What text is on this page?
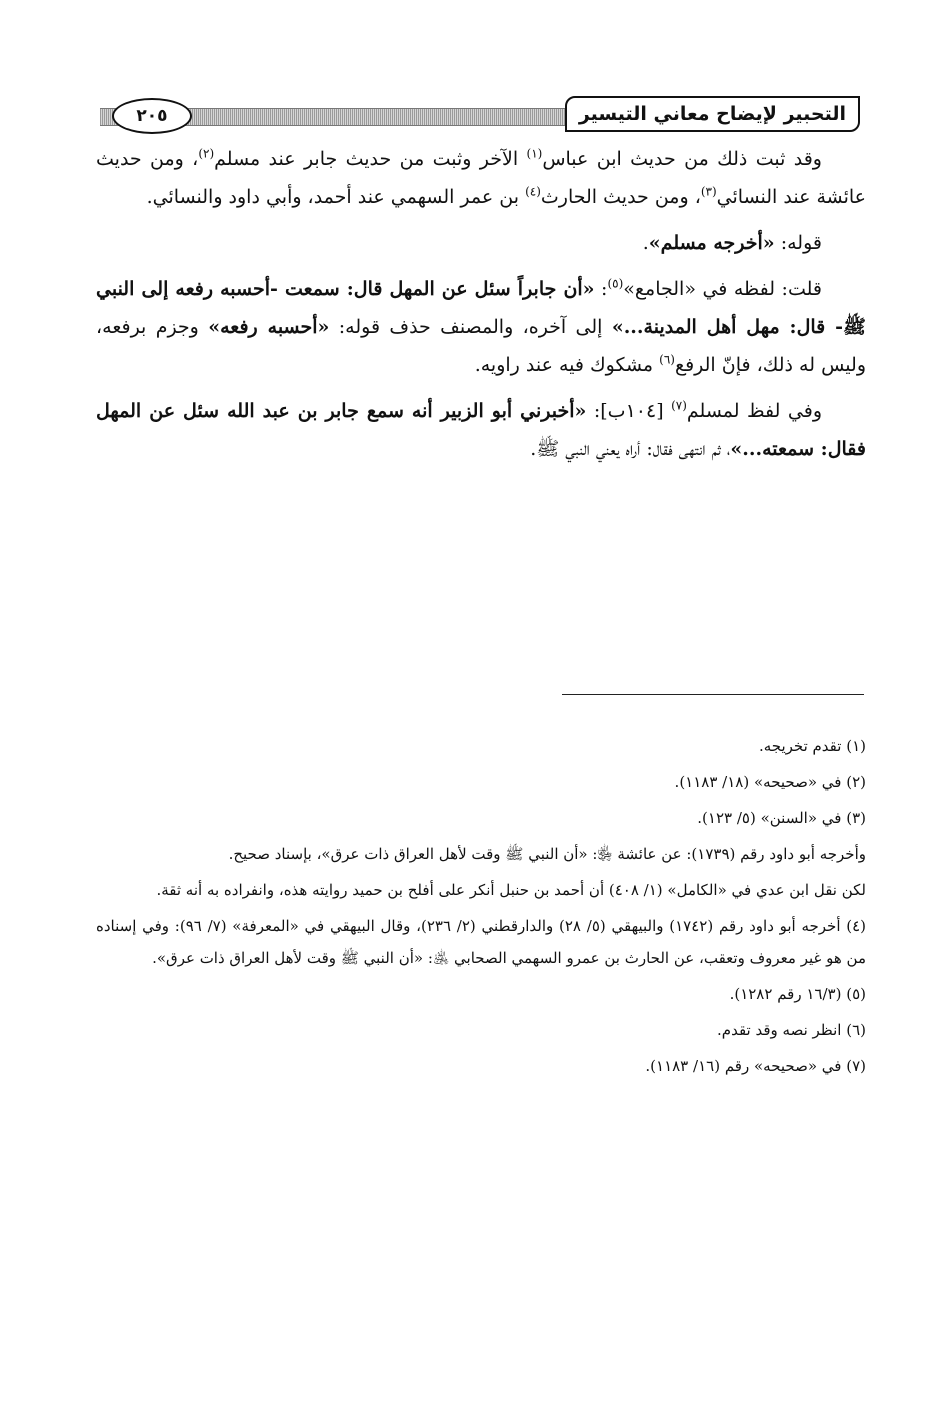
التحبير لإيضاح معاني التيسير
٢٠٥

وقد ثبت ذلك من حديث ابن عباس$^{(١)}$ الآخر وثبت من حديث جابر عند مسلم$^{(٢)}$، ومن حديث عائشة عند النسائي$^{(٣)}$، ومن حديث الحارث$^{(٤)}$ بن عمر السهمي عند أحمد، وأبي داود والنسائي.

قوله: «أخرجه مسلم».

قلت: لفظه في «الجامع»$^{(٥)}$: «أن جابراً سئل عن المهل قال: سمعت -أحسبه رفعه إلى النبي ﷺ- قال: مهل أهل المدينة...» إلى آخره، والمصنف حذف قوله: «أحسبه رفعه» وجزم برفعه، وليس له ذلك، فإنّ الرفع$^{(٦)}$ مشكوك فيه عند راويه.

وفي لفظ لمسلم$^{(٧)}$ [١٠٤ب]: «أخبرني أبو الزبير أنه سمع جابر بن عبد الله سئل عن المهل فقال: سمعته...»، ثم انتهى فقال: أراه يعني النبي ﷺ.

(١) تقدم تخريجه.

(٢) في «صحيحه» (١٨/ ١١٨٣).

(٣) في «السنن» (٥/ ١٢٣).

وأخرجه أبو داود رقم (١٧٣٩): عن عائشة ﵂: «أن النبي ﷺ وقت لأهل العراق ذات عرق»، بإسناد صحيح.

لكن نقل ابن عدي في «الكامل» (١/ ٤٠٨) أن أحمد بن حنبل أنكر على أفلح بن حميد روايته هذه، وانفراده به أنه ثقة.

(٤) أخرجه أبو داود رقم (١٧٤٢) والبيهقي (٥/ ٢٨) والدارقطني (٢/ ٢٣٦)، وقال البيهقي في «المعرفة» (٧/ ٩٦): وفي إسناده من هو غير معروف وتعقب، عن الحارث بن عمرو السهمي الصحابي ﵁: «أن النبي ﷺ وقت لأهل العراق ذات عرق».

(٥) (١٦/٣ رقم ١٢٨٢).

(٦) انظر نصه وقد تقدم.

(٧) في «صحيحه» رقم (١٦/ ١١٨٣).
